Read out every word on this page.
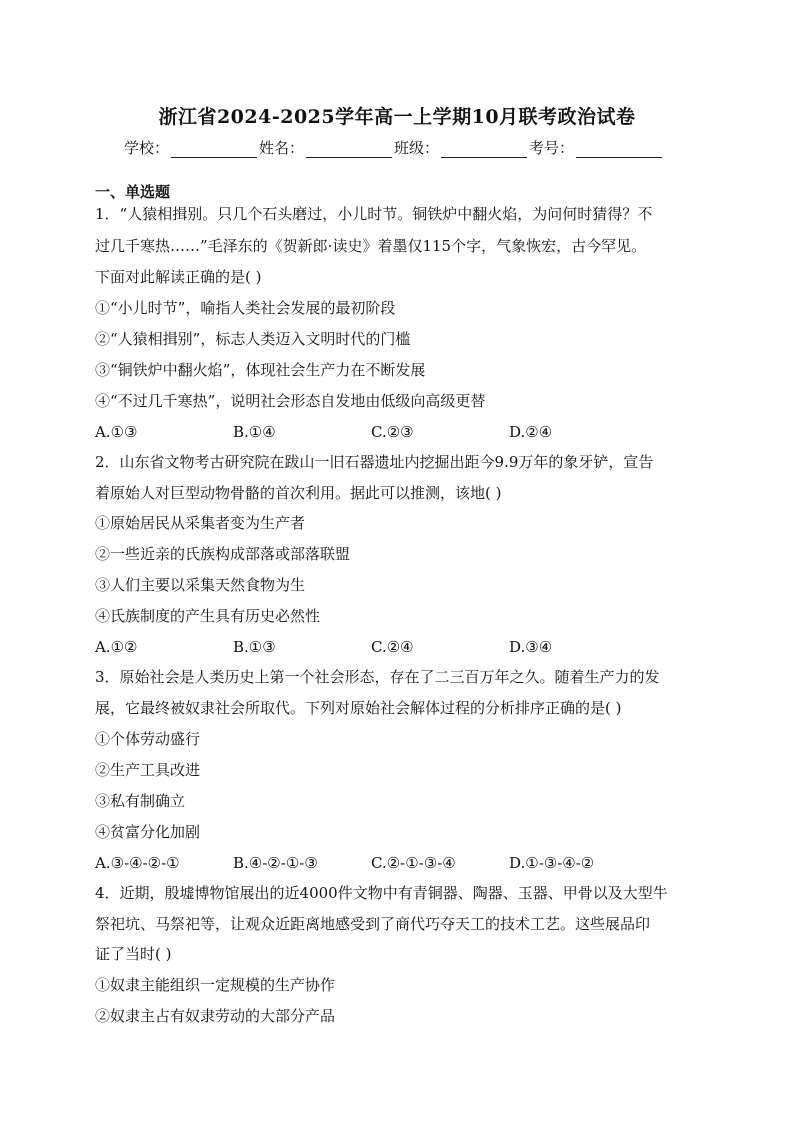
浙江省2024-2025学年高一上学期10月联考政治试卷
学校：	姓名：	班级：	考号：
一、单选题
1．“人猿相揖别。只几个石头磨过，小儿时节。铜铁炉中翻火焰，为问何时猜得？不
过几千寒热……”毛泽东的《贺新郎·读史》着墨仅115个字，气象恢宏，古今罕见。
下面对此解读正确的是( )
①“小儿时节”，喻指人类社会发展的最初阶段
②“人猿相揖别”，标志人类迈入文明时代的门槛
③“铜铁炉中翻火焰”，体现社会生产力在不断发展
④“不过几千寒热”，说明社会形态自发地由低级向高级更替
A.①③	B.①④	C.②③	D.②④
2．山东省文物考古研究院在跋山一旧石器遗址内挖掘出距今9.9万年的象牙铲，宣告
着原始人对巨型动物骨骼的首次利用。据此可以推测，该地( )
①原始居民从采集者变为生产者
②一些近亲的氏族构成部落或部落联盟
③人们主要以采集天然食物为生
④氏族制度的产生具有历史必然性
A.①②	B.①③	C.②④	D.③④
3．原始社会是人类历史上第一个社会形态，存在了二三百万年之久。随着生产力的发
展，它最终被奴隶社会所取代。下列对原始社会解体过程的分析排序正确的是( )
①个体劳动盛行
②生产工具改进
③私有制确立
④贫富分化加剧
A.③-④-②-①	B.④-②-①-③	C.②-①-③-④	D.①-③-④-②
4．近期，殷墟博物馆展出的近4000件文物中有青铜器、陶器、玉器、甲骨以及大型牛
祭祀坑、马祭祀等，让观众近距离地感受到了商代巧夺天工的技术工艺。这些展品印
证了当时( )
①奴隶主能组织一定规模的生产协作
②奴隶主占有奴隶劳动的大部分产品
